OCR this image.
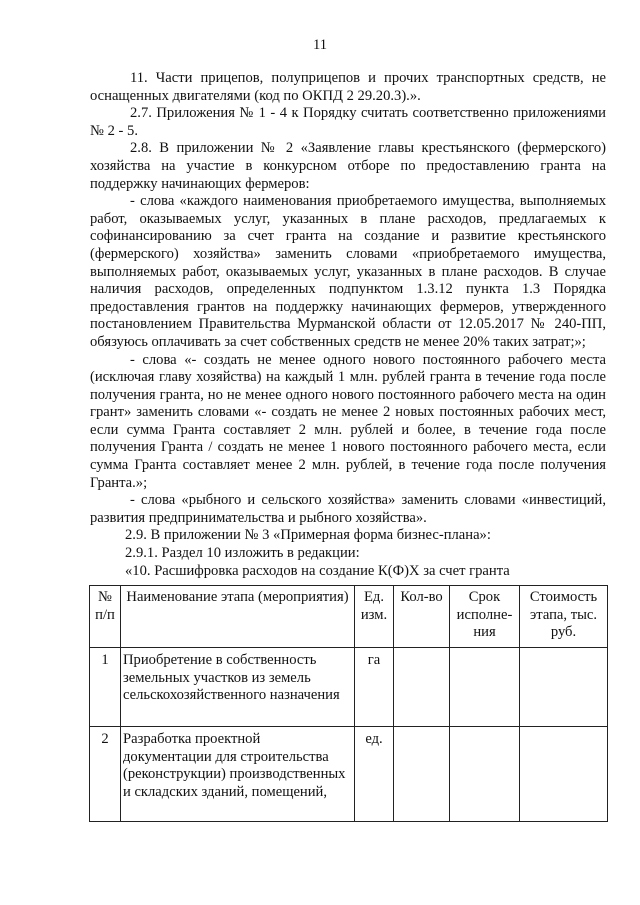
11

11. Части прицепов, полуприцепов и прочих транспортных средств, не оснащенных двигателями (код по ОКПД 2 29.20.3).».

2.7. Приложения № 1 - 4 к Порядку считать соответственно приложениями № 2 - 5.

2.8. В приложении № 2 «Заявление главы крестьянского (фермерского) хозяйства на участие в конкурсном отборе по предоставлению гранта на поддержку начинающих фермеров:

- слова «каждого наименования приобретаемого имущества, выполняемых работ, оказываемых услуг, указанных в плане расходов, предлагаемых к софинансированию за счет гранта на создание и развитие крестьянского (фермерского) хозяйства» заменить словами «приобретаемого имущества, выполняемых работ, оказываемых услуг, указанных в плане расходов. В случае наличия расходов, определенных подпунктом 1.3.12 пункта 1.3 Порядка предоставления грантов на поддержку начинающих фермеров, утвержденного постановлением Правительства Мурманской области от 12.05.2017 № 240-ПП, обязуюсь оплачивать за счет собственных средств не менее 20% таких затрат;»;

- слова «- создать не менее одного нового постоянного рабочего места (исключая главу хозяйства) на каждый 1 млн. рублей гранта в течение года после получения гранта, но не менее одного нового постоянного рабочего места на один грант» заменить словами «- создать не менее 2 новых постоянных рабочих мест, если сумма Гранта составляет 2 млн. рублей и более, в течение года после получения Гранта / создать не менее 1 нового постоянного рабочего места, если сумма Гранта составляет менее 2 млн. рублей, в течение года после получения Гранта.»;

- слова «рыбного и сельского хозяйства» заменить словами «инвестиций, развития предпринимательства и рыбного хозяйства».

2.9. В приложении № 3 «Примерная форма бизнес-плана»:

2.9.1. Раздел 10 изложить в редакции:

«10. Расшифровка расходов на создание К(Ф)Х за счет гранта

№ п/п	Наименование этапа (мероприятия)	Ед. изм.	Кол-во	Срок исполне-ния	Стоимость этапа, тыс. руб.
1	Приобретение в собственность земельных участков из земель сельскохозяйственного назначения	га			
2	Разработка проектной документации для строительства (реконструкции) производственных и складских зданий, помещений,	ед.			
